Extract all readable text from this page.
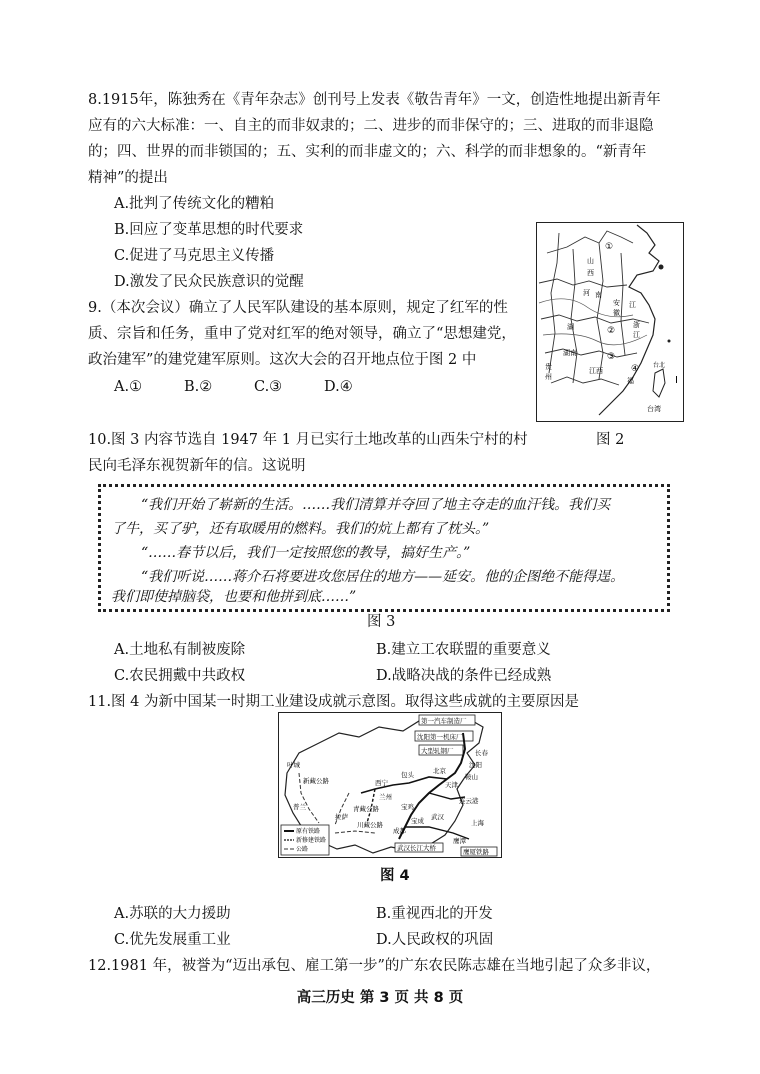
8.1915年，陈独秀在《青年杂志》创刊号上发表《敬告青年》一文，创造性地提出新青年
应有的六大标准：一、自主的而非奴隶的；二、进步的而非保守的；三、进取的而非退隐
的；四、世界的而非锁国的；五、实利的而非虚文的；六、科学的而非想象的。“新青年
精神”的提出
A.批判了传统文化的糟粕
B.回应了变革思想的时代要求
C.促进了马克思主义传播
D.激发了民众民族意识的觉醒
9.（本次会议）确立了人民军队建设的基本原则，规定了红军的性
质、宗旨和任务，重申了党对红军的绝对领导，确立了“思想建党，
政治建军”的建党建军原则。这次大会的召开地点位于图 2 中
A.①	B.②	C.③	D.④
①
②
③
④
Ⅰ
台湾
台北
山
西
河 南
湖
江
安
徽
浙
江
湖南
贵
州
江西
福
图 2
10.图 3 内容节选自 1947 年 1 月已实行土地改革的山西朱宁村的村
民向毛泽东视贺新年的信。这说明
“我们开始了崭新的生活。……我们清算并夺回了地主夺走的血汗钱。我们买
了牛，买了驴，还有取暖用的燃料。我们的炕上都有了枕头。”
“……春节以后，我们一定按照您的教导，搞好生产。”
“我们听说……蒋介石将要进攻您居住的地方——延安。他的企图绝不能得逞。
我们即使掉脑袋，也要和他拼到底……”
图 3
A.土地私有制被废除	B.建立工农联盟的重要意义
C.农民拥戴中共政权	D.战略决战的条件已经成熟
11.图 4 为新中国某一时期工业建设成就示意图。取得这些成就的主要原因是
第一汽车制造厂
沈阳第一机床厂
大型轧钢厂	长春
沈阳
鞍山
北京
天津
包头
西宁
兰州
宝鸡
武汉
上海
连云港
成都
鹰潭
叶城
普兰
拉萨
新藏公路
青藏公路
川藏公路	宝成
鹰厦铁路
武汉长江大桥
原有铁路
新修建铁路
公路
图 4
A.苏联的大力援助	B.重视西北的开发
C.优先发展重工业	D.人民政权的巩固
12.1981 年，被誉为“迈出承包、雇工第一步”的广东农民陈志雄在当地引起了众多非议，
高三历史 第 3 页 共 8 页
